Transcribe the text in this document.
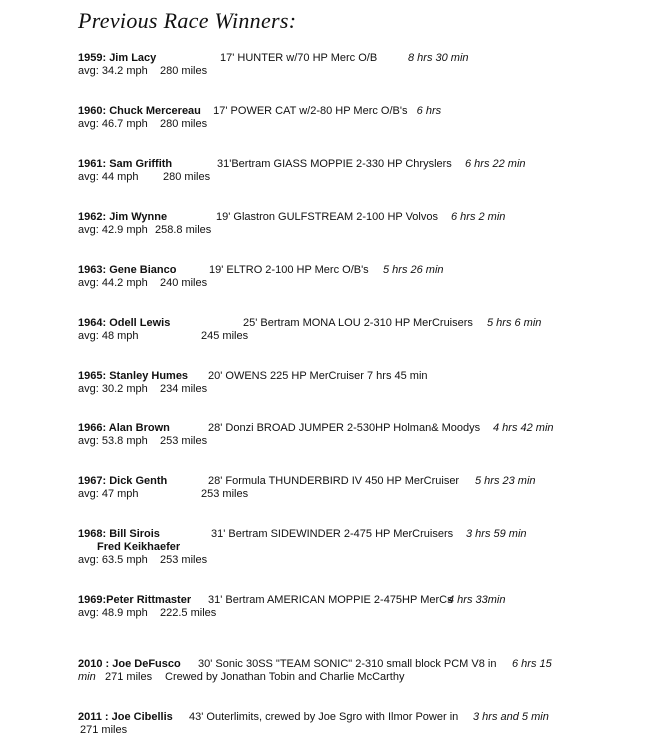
Previous Race Winners:
1959: Jim Lacy	17' HUNTER w/70 HP Merc O/B	8 hrs 30 min
avg: 34.2 mph 280 miles
1960: Chuck Mercereau 17' POWER CAT w/2-80 HP Merc O/B's 6 hrs
avg: 46.7 mph 280 miles
1961: Sam Griffith	31'Bertram GIASS MOPPIE 2-330 HP Chryslers 6 hrs 22 min
avg: 44 mph 280 miles
1962: Jim Wynne	19' Glastron GULFSTREAM 2-100 HP Volvos 6 hrs 2 min
avg: 42.9 mph 258.8 miles
1963: Gene Bianco	19' ELTRO 2-100 HP Merc O/B's 5 hrs 26 min
avg: 44.2 mph 240 miles
1964: Odell Lewis	25' Bertram MONA LOU 2-310 HP MerCruisers 5 hrs 6 min
avg: 48 mph	245 miles
1965: Stanley Humes 20' OWENS 225 HP MerCruiser 7 hrs 45 min
avg: 30.2 mph 234 miles
1966: Alan Brown	28' Donzi BROAD JUMPER 2-530HP Holman& Moodys 4 hrs 42 min
avg: 53.8 mph 253 miles
1967: Dick Genth	28' Formula THUNDERBIRD IV 450 HP MerCruiser 5 hrs 23 min
avg: 47 mph	253 miles
1968: Bill Sirois	31' Bertram SIDEWINDER 2-475 HP MerCruisers 3 hrs 59 min
Fred Keikhaefer
avg: 63.5 mph 253 miles
1969:Peter Rittmaster 31' Bertram AMERICAN MOPPIE 2-475HP MerCs
4 hrs 33min
avg: 48.9 mph 222.5 miles
2010 : Joe DeFusco 30' Sonic 30SS "TEAM SONIC" 2-310 small block PCM V8 in 6 hrs 15
min 271 miles Crewed by Jonathan Tobin and Charlie McCarthy
2011 : Joe Cibellis 43' Outerlimits, crewed by Joe Sgro with Ilmor Power in 3 hrs and 5 min
271 miles
